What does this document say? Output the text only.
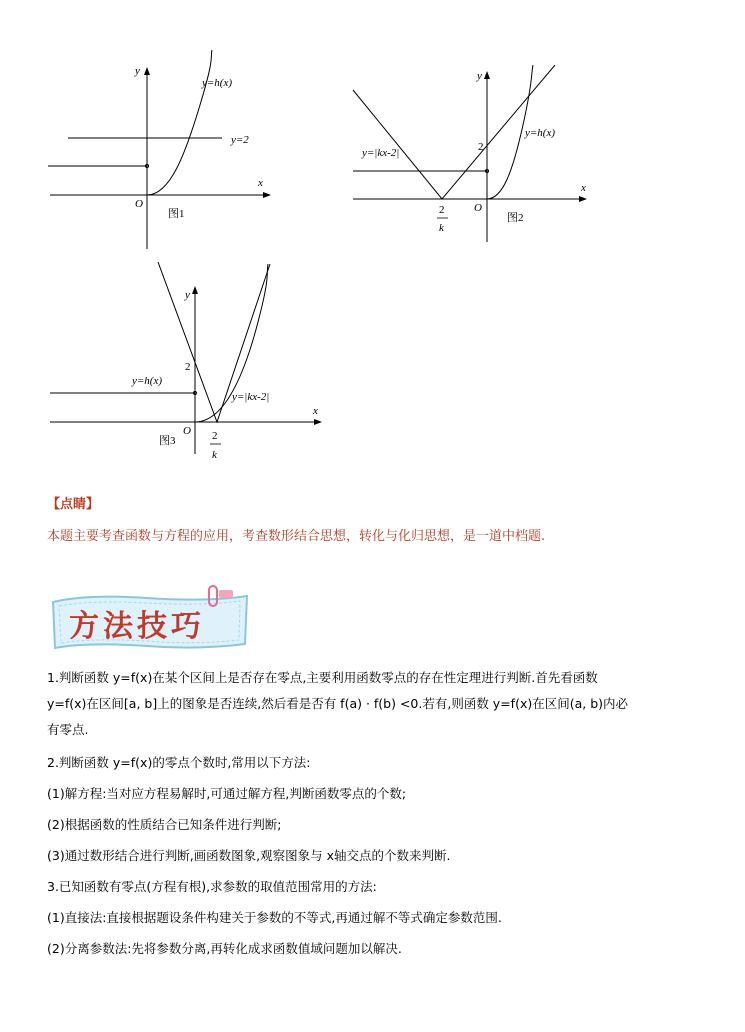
y
x
O
y=h(x)
y=2
图1
y
x
O
2
y=h(x)
y=|kx-2|
2
k
图2
y
x
O
2
y=h(x)
y=|kx-2|
2
k
图3
【点睛】
本题主要考查函数与方程的应用，考查数形结合思想，转化与化归思想，是一道中档题.
方法技巧
1.判断函数 y=f(x)在某个区间上是否存在零点,主要利用函数零点的存在性定理进行判断.首先看函数
y=f(x)在区间[a, b]上的图象是否连续,然后看是否有 f(a) · f(b) <0.若有,则函数 y=f(x)在区间(a, b)内必
有零点.

2.判断函数 y=f(x)的零点个数时,常用以下方法:

(1)解方程:当对应方程易解时,可通过解方程,判断函数零点的个数;

(2)根据函数的性质结合已知条件进行判断;

(3)通过数形结合进行判断,画函数图象,观察图象与 x轴交点的个数来判断.

3.已知函数有零点(方程有根),求参数的取值范围常用的方法:

(1)直接法:直接根据题设条件构建关于参数的不等式,再通过解不等式确定参数范围.

(2)分离参数法:先将参数分离,再转化成求函数值域问题加以解决.
